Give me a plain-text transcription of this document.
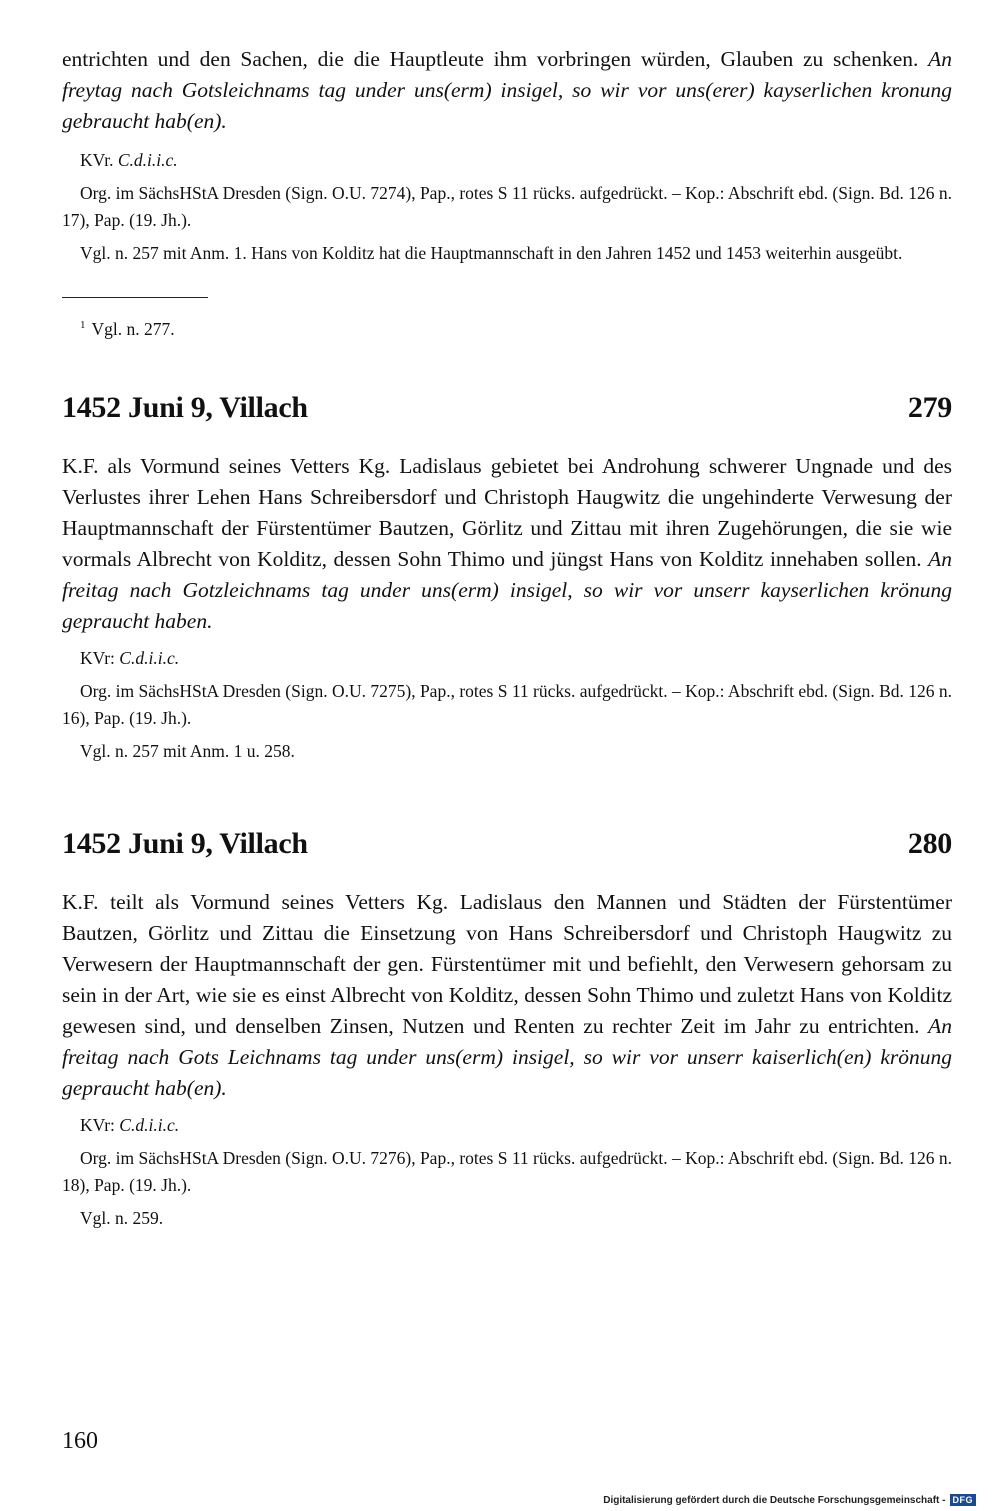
entrichten und den Sachen, die die Hauptleute ihm vorbringen würden, Glauben zu schenken. An freytag nach Gotsleichnams tag under uns(erm) insigel, so wir vor uns(erer) kayserlichen kronung gebraucht hab(en).

KVr. C.d.i.i.c.

Org. im SächsHStA Dresden (Sign. O.U. 7274), Pap., rotes S 11 rücks. aufgedrückt. – Kop.: Abschrift ebd. (Sign. Bd. 126 n. 17), Pap. (19. Jh.).

Vgl. n. 257 mit Anm. 1. Hans von Kolditz hat die Hauptmannschaft in den Jahren 1452 und 1453 weiterhin ausgeübt.

$^1$ Vgl. n. 277.

1452 Juni 9, Villach	279

K.F. als Vormund seines Vetters Kg. Ladislaus gebietet bei Androhung schwerer Ungnade und des Verlustes ihrer Lehen Hans Schreibersdorf und Christoph Haugwitz die ungehinderte Verwesung der Hauptmannschaft der Fürstentümer Bautzen, Görlitz und Zittau mit ihren Zugehörungen, die sie wie vormals Albrecht von Kolditz, dessen Sohn Thimo und jüngst Hans von Kolditz innehaben sollen. An freitag nach Gotzleichnams tag under uns(erm) insigel, so wir vor unserr kayserlichen krönung gepraucht haben.

KVr: C.d.i.i.c.

Org. im SächsHStA Dresden (Sign. O.U. 7275), Pap., rotes S 11 rücks. aufgedrückt. – Kop.: Abschrift ebd. (Sign. Bd. 126 n. 16), Pap. (19. Jh.).

Vgl. n. 257 mit Anm. 1 u. 258.

1452 Juni 9, Villach	280

K.F. teilt als Vormund seines Vetters Kg. Ladislaus den Mannen und Städten der Fürstentümer Bautzen, Görlitz und Zittau die Einsetzung von Hans Schreibersdorf und Christoph Haugwitz zu Verwesern der Hauptmannschaft der gen. Fürstentümer mit und befiehlt, den Verwesern gehorsam zu sein in der Art, wie sie es einst Albrecht von Kolditz, dessen Sohn Thimo und zuletzt Hans von Kolditz gewesen sind, und denselben Zinsen, Nutzen und Renten zu rechter Zeit im Jahr zu entrichten. An freitag nach Gots Leichnams tag under uns(erm) insigel, so wir vor unserr kaiserlich(en) krönung gepraucht hab(en).

KVr: C.d.i.i.c.

Org. im SächsHStA Dresden (Sign. O.U. 7276), Pap., rotes S 11 rücks. aufgedrückt. – Kop.: Abschrift ebd. (Sign. Bd. 126 n. 18), Pap. (19. Jh.).

Vgl. n. 259.

160
Digitalisierung gefördert durch die Deutsche Forschungsgemeinschaft - DFG
